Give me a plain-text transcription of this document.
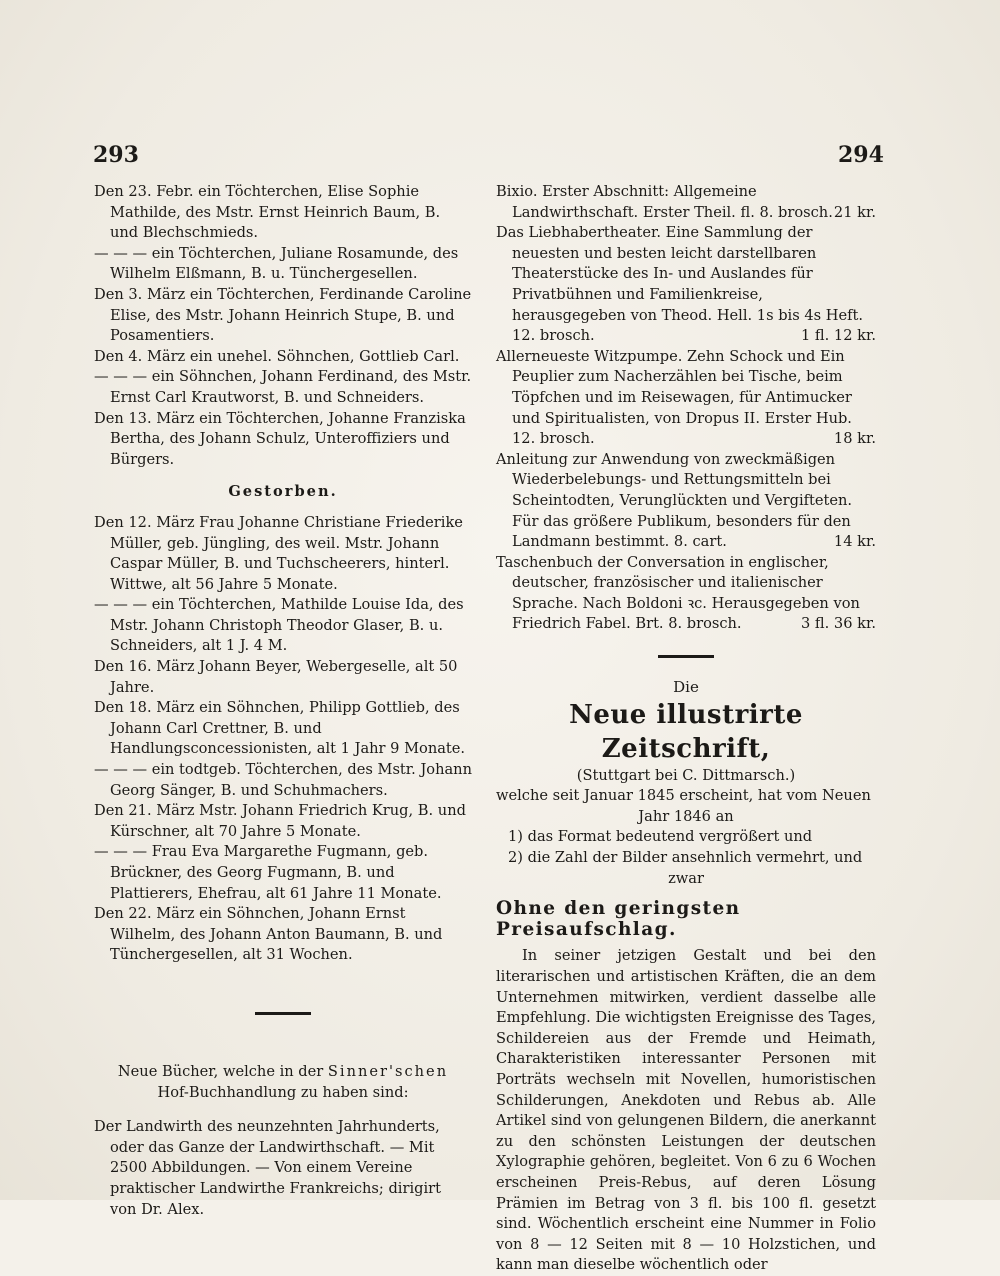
293	294

Den 23. Febr. ein Töchterchen, Elise Sophie Mathilde, des Mstr. Ernst Heinrich Baum, B. und Blechschmieds.

— — — ein Töchterchen, Juliane Rosamunde, des Wilhelm Elßmann, B. u. Tünchergesellen.

Den 3. März ein Töchterchen, Ferdinande Caroline Elise, des Mstr. Johann Heinrich Stupe, B. und Posamentiers.

Den 4. März ein unehel. Söhnchen, Gottlieb Carl.

— — — ein Söhnchen, Johann Ferdinand, des Mstr. Ernst Carl Krautworst, B. und Schneiders.

Den 13. März ein Töchterchen, Johanne Franziska Bertha, des Johann Schulz, Unteroffiziers und Bürgers.

Gestorben.

Den 12. März Frau Johanne Christiane Friederike Müller, geb. Jüngling, des weil. Mstr. Johann Caspar Müller, B. und Tuchscheerers, hinterl. Wittwe, alt 56 Jahre 5 Monate.

— — — ein Töchterchen, Mathilde Louise Ida, des Mstr. Johann Christoph Theodor Glaser, B. u. Schneiders, alt 1 J. 4 M.

Den 16. März Johann Beyer, Webergeselle, alt 50 Jahre.

Den 18. März ein Söhnchen, Philipp Gottlieb, des Johann Carl Crettner, B. und Handlungsconcessionisten, alt 1 Jahr 9 Monate.

— — — ein todtgeb. Töchterchen, des Mstr. Johann Georg Sänger, B. und Schuhmachers.

Den 21. März Mstr. Johann Friedrich Krug, B. und Kürschner, alt 70 Jahre 5 Monate.

— — — Frau Eva Margarethe Fugmann, geb. Brückner, des Georg Fugmann, B. und Plattierers, Ehefrau, alt 61 Jahre 11 Monate.

Den 22. März ein Söhnchen, Johann Ernst Wilhelm, des Johann Anton Baumann, B. und Tünchergesellen, alt 31 Wochen.

Neue Bücher, welche in der Sinner'schen Hof-Buchhandlung zu haben sind:

Der Landwirth des neunzehnten Jahrhunderts, oder das Ganze der Landwirthschaft. — Mit 2500 Abbildungen. — Von einem Vereine praktischer Landwirthe Frankreichs; dirigirt von Dr. Alex.

Bixio. Erster Abschnitt: Allgemeine Landwirthschaft. Erster Theil. fl. 8. brosch. 21 kr.

Das Liebhabertheater. Eine Sammlung der neuesten und besten leicht darstellbaren Theaterstücke des In- und Auslandes für Privatbühnen und Familienkreise, herausgegeben von Theod. Hell. 1s bis 4s Heft. 12. brosch.	1 fl. 12 kr.

Allerneueste Witzpumpe. Zehn Schock und Ein Peuplier zum Nacherzählen bei Tische, beim Töpfchen und im Reisewagen, für Antimucker und Spiritualisten, von Dropus II. Erster Hub. 12. brosch.	18 kr.

Anleitung zur Anwendung von zweckmäßigen Wiederbelebungs- und Rettungsmitteln bei Scheintodten, Verunglückten und Vergifteten. Für das größere Publikum, besonders für den Landmann bestimmt. 8. cart.	14 kr.

Taschenbuch der Conversation in englischer, deutscher, französischer und italienischer Sprache. Nach Boldoni ꝛc. Herausgegeben von Friedrich Fabel. Brt. 8. brosch.	3 fl. 36 kr.

Die
Neue illustrirte Zeitschrift,
(Stuttgart bei C. Dittmarsch.)
welche seit Januar 1845 erscheint, hat vom Neuen
Jahr 1846 an
1) das Format bedeutend vergrößert und
2) die Zahl der Bilder ansehnlich vermehrt, und
zwar
Ohne den geringsten Preisaufschlag.

In seiner jetzigen Gestalt und bei den literarischen und artistischen Kräften, die an dem Unternehmen mitwirken, verdient dasselbe alle Empfehlung. Die wichtigsten Ereignisse des Tages, Schildereien aus der Fremde und Heimath, Charakteristiken interessanter Personen mit Porträts wechseln mit Novellen, humoristischen Schilderungen, Anekdoten und Rebus ab. Alle Artikel sind von gelungenen Bildern, die anerkannt zu den schönsten Leistungen der deutschen Xylographie gehören, begleitet. Von 6 zu 6 Wochen erscheinen Preis-Rebus, auf deren Lösung Prämien im Betrag von 3 fl. bis 100 fl. gesetzt sind. Wöchentlich erscheint eine Nummer in Folio von 8 — 12 Seiten mit 8 — 10 Holzstichen, und kann man dieselbe wöchentlich oder
